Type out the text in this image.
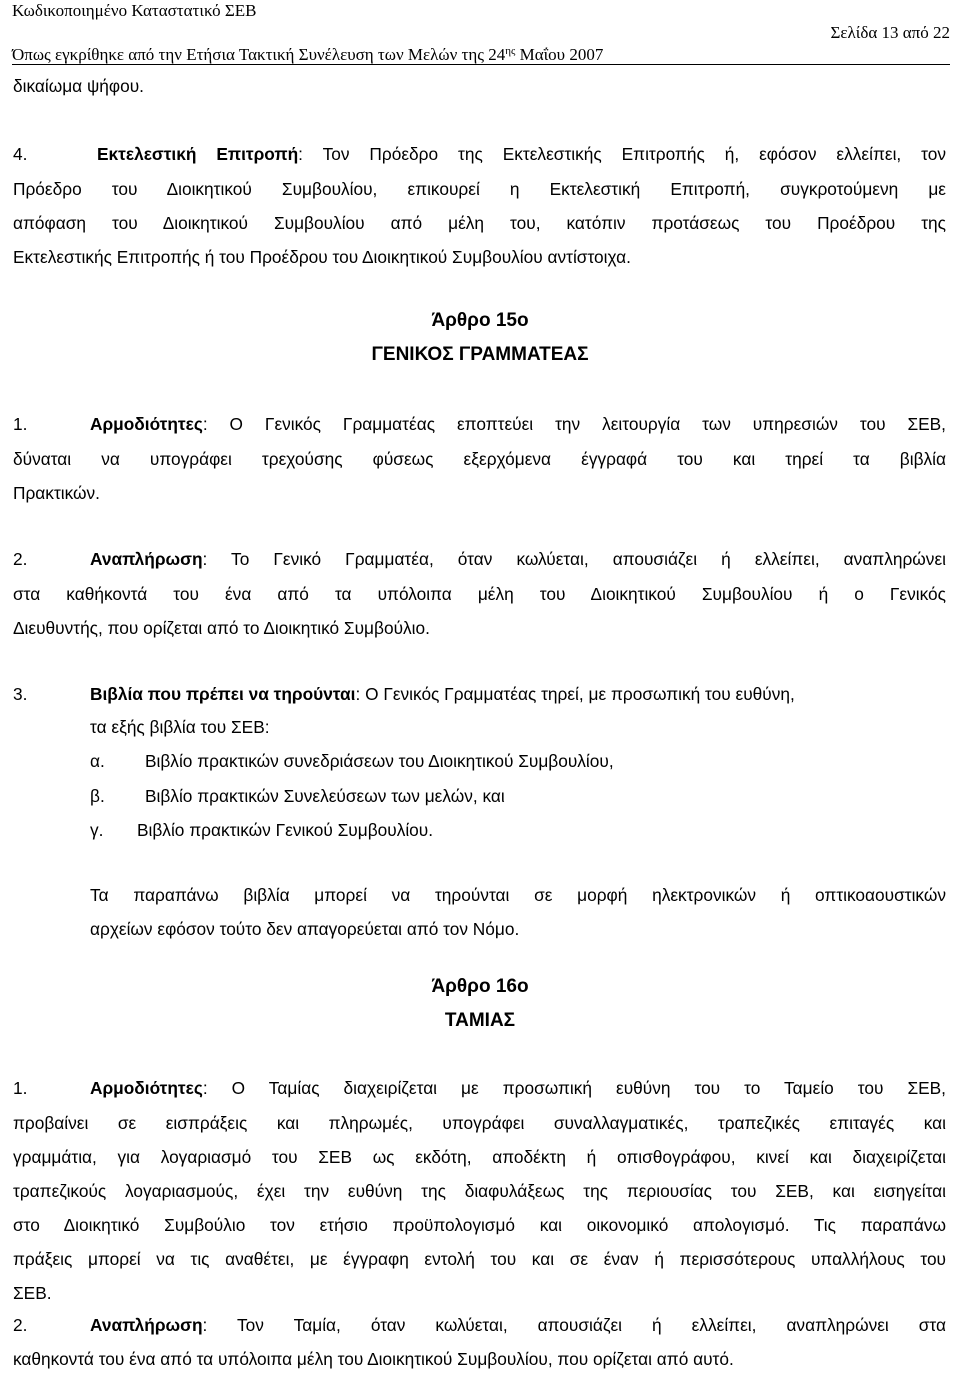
Κωδικοποιημένο Καταστατικό ΣΕΒ
Σελίδα 13 από 22
Όπως εγκρίθηκε από την Ετήσια Τακτική Συνέλευση των Μελών της $24^{\eta\varsigma}$ Μαΐου 2007
δικαίωμα ψήφου.
4.	Εκτελεστική Επιτροπή: Τον Πρόεδρο της Εκτελεστικής Επιτροπής ή, εφόσον ελλείπει, τον
Πρόεδρο του Διοικητικού Συμβουλίου, επικουρεί η Εκτελεστική Επιτροπή, συγκροτούμενη με
απόφαση του Διοικητικού Συμβουλίου από μέλη του, κατόπιν προτάσεως του Προέδρου της
Εκτελεστικής Επιτροπής ή του Προέδρου του Διοικητικού Συμβουλίου αντίστοιχα.
Άρθρο 15ο
ΓΕΝΙΚΟΣ ΓΡΑΜΜΑΤΕΑΣ
1.	Αρμοδιότητες: Ο Γενικός Γραμματέας εποπτεύει την λειτουργία των υπηρεσιών του ΣΕΒ,
δύναται να υπογράφει τρεχούσης φύσεως εξερχόμενα έγγραφά του και τηρεί τα βιβλία
Πρακτικών.
2.	Αναπλήρωση: Το Γενικό Γραμματέα, όταν κωλύεται, απουσιάζει ή ελλείπει, αναπληρώνει
στα καθήκοντά του ένα από τα υπόλοιπα μέλη του Διοικητικού Συμβουλίου ή ο Γενικός
Διευθυντής, που ορίζεται από το Διοικητικό Συμβούλιο.
3.	Βιβλία που πρέπει να τηρούνται: Ο Γενικός Γραμματέας τηρεί, με προσωπική του ευθύνη,
τα εξής βιβλία του ΣΕΒ:
α. Βιβλίο πρακτικών συνεδριάσεων του Διοικητικού Συμβουλίου,
β. Βιβλίο πρακτικών Συνελεύσεων των μελών, και
γ. Βιβλίο πρακτικών Γενικού Συμβουλίου.
Τα παραπάνω βιβλία μπορεί να τηρούνται σε μορφή ηλεκτρονικών ή οπτικοαουστικών
αρχείων εφόσον τούτο δεν απαγορεύεται από τον Νόμο.
Άρθρο 16ο
ΤΑΜΙΑΣ
1.	Αρμοδιότητες: Ο Ταμίας διαχειρίζεται με προσωπική ευθύνη του το Ταμείο του ΣΕΒ,
προβαίνει σε εισπράξεις και πληρωμές, υπογράφει συναλλαγματικές, τραπεζικές επιταγές και
γραμμάτια, για λογαριασμό του ΣΕΒ ως εκδότη, αποδέκτη ή οπισθογράφου, κινεί και διαχειρίζεται
τραπεζικούς λογαριασμούς, έχει την ευθύνη της διαφυλάξεως της περιουσίας του ΣΕΒ, και εισηγείται
στο Διοικητικό Συμβούλιο τον ετήσιο προϋπολογισμό και οικονομικό απολογισμό. Τις παραπάνω
πράξεις μπορεί να τις αναθέτει, με έγγραφη εντολή του και σε έναν ή περισσότερους υπαλλήλους του
ΣΕΒ.
2.	Αναπλήρωση: Τον Ταμία, όταν κωλύεται, απουσιάζει ή ελλείπει, αναπληρώνει στα
καθηκοντά του ένα από τα υπόλοιπα μέλη του Διοικητικού Συμβουλίου, που ορίζεται από αυτό.
